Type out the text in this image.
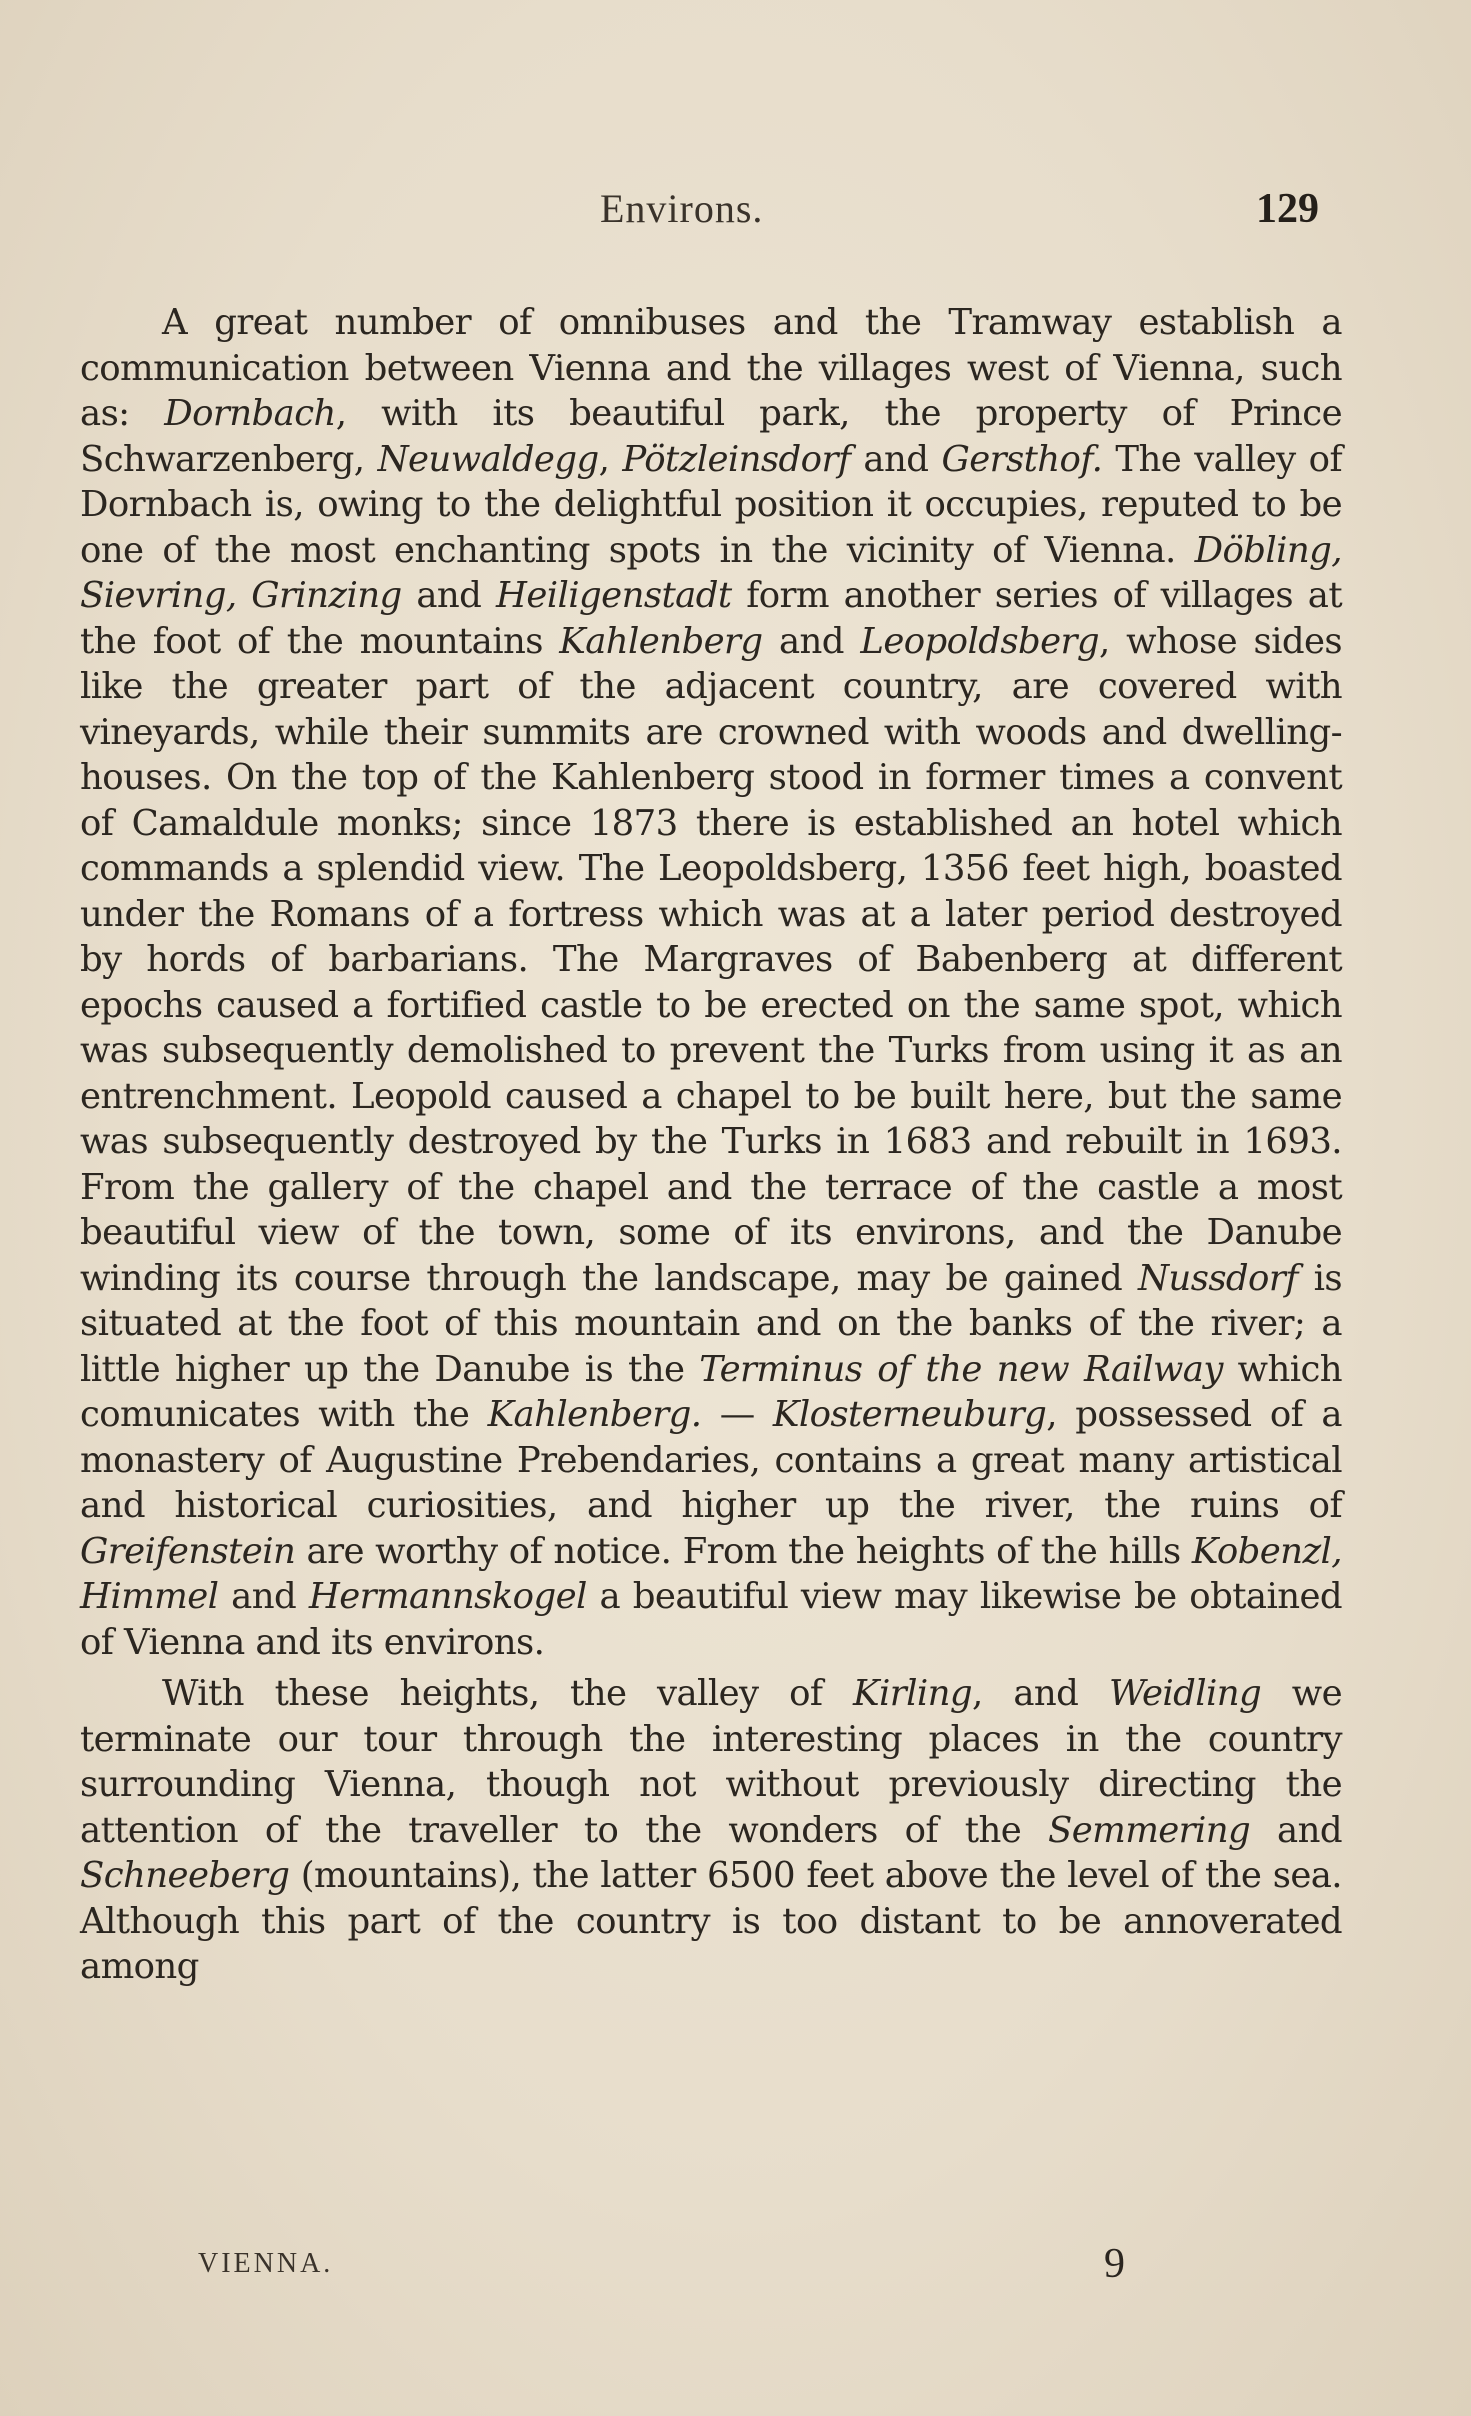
Environs.	129

A great number of omnibuses and the Tramway establish a communication between Vienna and the villages west of Vienna, such as: Dornbach, with its beautiful park, the property of Prince Schwarzenberg, Neuwaldegg, Pötzleinsdorf and Gersthof. The valley of Dornbach is, owing to the delightful position it occupies, reputed to be one of the most enchanting spots in the vicinity of Vienna. Döbling, Sievring, Grinzing and Heiligenstadt form another series of villages at the foot of the mountains Kahlenberg and Leopoldsberg, whose sides like the greater part of the adjacent country, are covered with vineyards, while their summits are crowned with woods and dwelling-houses. On the top of the Kahlenberg stood in former times a convent of Camaldule monks; since 1873 there is established an hotel which commands a splendid view. The Leopoldsberg, 1356 feet high, boasted under the Romans of a fortress which was at a later period destroyed by hords of barbarians. The Margraves of Babenberg at different epochs caused a fortified castle to be erected on the same spot, which was subsequently demolished to prevent the Turks from using it as an entrenchment. Leopold caused a chapel to be built here, but the same was subsequently destroyed by the Turks in 1683 and rebuilt in 1693. From the gallery of the chapel and the terrace of the castle a most beautiful view of the town, some of its environs, and the Danube winding its course through the landscape, may be gained Nussdorf is situated at the foot of this mountain and on the banks of the river; a little higher up the Danube is the Terminus of the new Railway which comunicates with the Kahlenberg. — Klosterneuburg, possessed of a monastery of Augustine Prebendaries, contains a great many artistical and historical curiosities, and higher up the river, the ruins of Greifenstein are worthy of notice. From the heights of the hills Kobenzl, Himmel and Hermannskogel a beautiful view may likewise be obtained of Vienna and its environs.

With these heights, the valley of Kirling, and Weidling we terminate our tour through the interesting places in the country surrounding Vienna, though not without previously directing the attention of the traveller to the wonders of the Semmering and Schneeberg (mountains), the latter 6500 feet above the level of the sea. Although this part of the country is too distant to be annoverated among

VIENNA.	9
